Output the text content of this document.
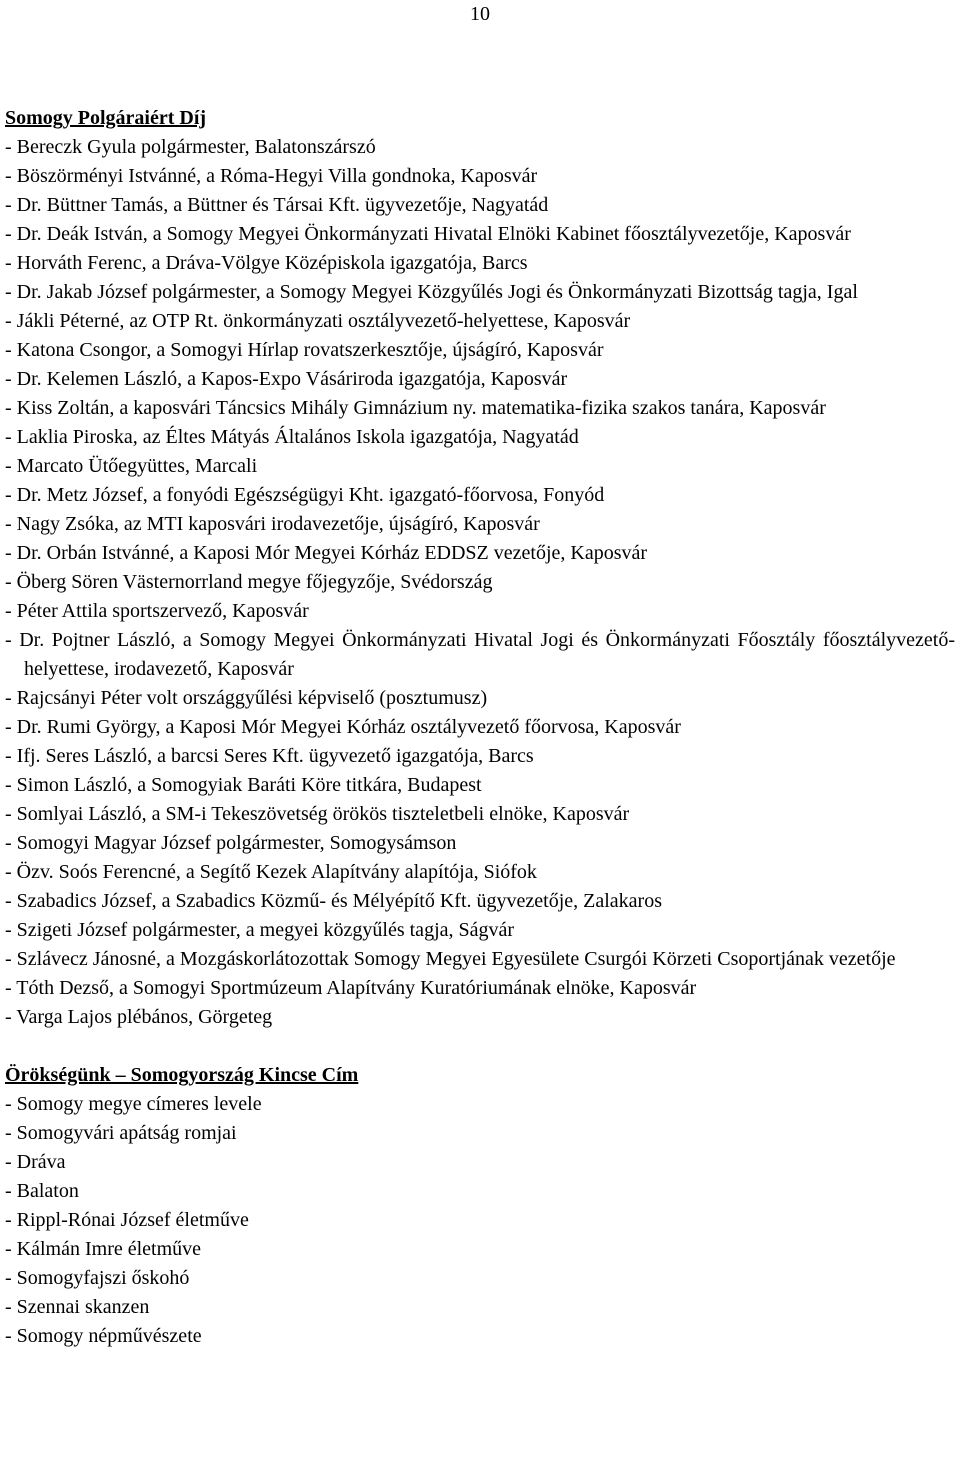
10
Somogy Polgáraiért Díj
- Bereczk Gyula polgármester, Balatonszárszó
- Böszörményi Istvánné, a Róma-Hegyi Villa gondnoka, Kaposvár
- Dr. Büttner Tamás, a Büttner és Társai Kft. ügyvezetője, Nagyatád
- Dr. Deák István, a Somogy Megyei Önkormányzati Hivatal Elnöki Kabinet főosztályvezetője, Kaposvár
- Horváth Ferenc, a Dráva-Völgye Középiskola igazgatója, Barcs
- Dr. Jakab József polgármester, a Somogy Megyei Közgyűlés Jogi és Önkormányzati Bizottság tagja, Igal
- Jákli Péterné, az OTP Rt. önkormányzati osztályvezető-helyettese, Kaposvár
- Katona Csongor, a Somogyi Hírlap rovatszerkesztője, újságíró, Kaposvár
- Dr. Kelemen László, a Kapos-Expo Vásáriroda igazgatója, Kaposvár
- Kiss Zoltán, a kaposvári Táncsics Mihály Gimnázium ny. matematika-fizika szakos tanára, Kaposvár
- Laklia Piroska, az Éltes Mátyás Általános Iskola igazgatója, Nagyatád
- Marcato Ütőegyüttes, Marcali
- Dr. Metz József, a fonyódi Egészségügyi Kht. igazgató-főorvosa, Fonyód
- Nagy Zsóka, az MTI kaposvári irodavezetője, újságíró, Kaposvár
- Dr. Orbán Istvánné, a Kaposi Mór Megyei Kórház EDDSZ vezetője, Kaposvár
- Öberg Sören Västernorrland megye főjegyzője, Svédország
- Péter Attila sportszervező, Kaposvár
- Dr. Pojtner László, a Somogy Megyei Önkormányzati Hivatal Jogi és Önkormányzati Főosztály főosztályvezető-helyettese, irodavezető, Kaposvár
- Rajcsányi Péter volt országgyűlési képviselő (posztumusz)
- Dr. Rumi György, a Kaposi Mór Megyei Kórház osztályvezető főorvosa, Kaposvár
- Ifj. Seres László, a barcsi Seres Kft. ügyvezető igazgatója, Barcs
- Simon László, a Somogyiak Baráti Köre titkára, Budapest
- Somlyai László, a SM-i Tekeszövetség örökös tiszteletbeli elnöke, Kaposvár
- Somogyi Magyar József polgármester, Somogysámson
- Özv. Soós Ferencné, a Segítő Kezek Alapítvány alapítója, Siófok
- Szabadics József, a Szabadics Közmű- és Mélyépítő Kft. ügyvezetője, Zalakaros
- Szigeti József polgármester, a megyei közgyűlés tagja, Ságvár
- Szlávecz Jánosné, a Mozgáskorlátozottak Somogy Megyei Egyesülete Csurgói Körzeti Csoportjának vezetője
- Tóth Dezső, a Somogyi Sportmúzeum Alapítvány Kuratóriumának elnöke, Kaposvár
- Varga Lajos plébános, Görgeteg
Örökségünk – Somogyország Kincse Cím
- Somogy megye címeres levele
- Somogyvári apátság romjai
- Dráva
- Balaton
- Rippl-Rónai József életműve
- Kálmán Imre életműve
- Somogyfajszi őskohó
- Szennai skanzen
- Somogy népművészete
